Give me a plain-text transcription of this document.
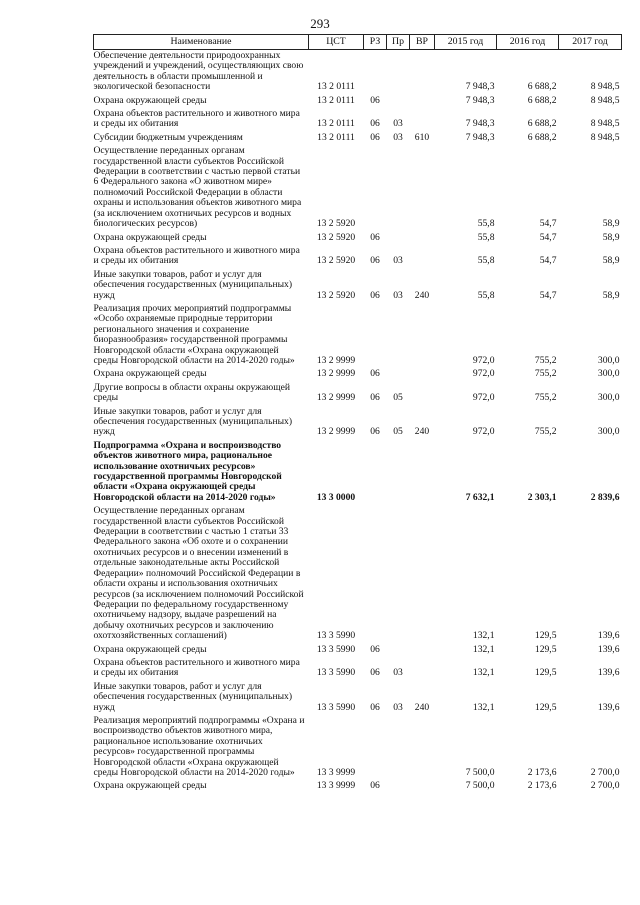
293
Наименование	ЦСТ	РЗ	Пр	ВР	2015 год	2016 год	2017 год
Обеспечение деятельности природоохранных учреждений и учреждений, осуществляющих свою деятельность в области промышленной и экологической безопасности	13 2 0111				7 948,3	6 688,2	8 948,5
Охрана окружающей среды	13 2 0111	06			7 948,3	6 688,2	8 948,5
Охрана объектов растительного и животного мира и среды их обитания	13 2 0111	06	03		7 948,3	6 688,2	8 948,5
Субсидии бюджетным учреждениям	13 2 0111	06	03	610	7 948,3	6 688,2	8 948,5
Осуществление переданных органам государственной власти субъектов Российской Федерации в соответствии с частью первой статьи 6 Федерального закона «О животном мире» полномочий Российской Федерации в области охраны и использования объектов животного мира (за исключением охотничьих ресурсов и водных биологических ресурсов)	13 2 5920				55,8	54,7	58,9
Охрана окружающей среды	13 2 5920	06			55,8	54,7	58,9
Охрана объектов растительного и животного мира и среды их обитания	13 2 5920	06	03		55,8	54,7	58,9
Иные закупки товаров, работ и услуг для обеспечения государственных (муниципальных) нужд	13 2 5920	06	03	240	55,8	54,7	58,9
Реализация прочих мероприятий подпрограммы «Особо охраняемые природные территории регионального значения и сохранение биоразнообразия» государственной программы Новгородской области «Охрана окружающей среды Новгородской области на 2014-2020 годы»	13 2 9999				972,0	755,2	300,0
Охрана окружающей среды	13 2 9999	06			972,0	755,2	300,0
Другие вопросы в области охраны окружающей среды	13 2 9999	06	05		972,0	755,2	300,0
Иные закупки товаров, работ и услуг для обеспечения государственных (муниципальных) нужд	13 2 9999	06	05	240	972,0	755,2	300,0
Подпрограмма «Охрана и воспроизводство объектов животного мира, рациональное использование охотничьих ресурсов» государственной программы Новгородской области «Охрана окружающей среды Новгородской области на 2014-2020 годы»	13 3 0000				7 632,1	2 303,1	2 839,6
Осуществление переданных органам государственной власти субъектов Российской Федерации в соответствии с частью 1 статьи 33 Федерального закона «Об охоте и о сохранении охотничьих ресурсов и о внесении изменений в отдельные законодательные акты Российской Федерации» полномочий Российской Федерации в области охраны и использования охотничьих ресурсов (за исключением полномочий Российской Федерации по федеральному государственному охотничьему надзору, выдаче разрешений на добычу охотничьих ресурсов и заключению охотхозяйственных соглашений)	13 3 5990				132,1	129,5	139,6
Охрана окружающей среды	13 3 5990	06			132,1	129,5	139,6
Охрана объектов растительного и животного мира и среды их обитания	13 3 5990	06	03		132,1	129,5	139,6
Иные закупки товаров, работ и услуг для обеспечения государственных (муниципальных) нужд	13 3 5990	06	03	240	132,1	129,5	139,6
Реализация мероприятий подпрограммы «Охрана и воспроизводство объектов животного мира, рациональное использование охотничьих ресурсов» государственной программы Новгородской области «Охрана окружающей среды Новгородской области на 2014-2020 годы»	13 3 9999				7 500,0	2 173,6	2 700,0
Охрана окружающей среды	13 3 9999	06			7 500,0	2 173,6	2 700,0
